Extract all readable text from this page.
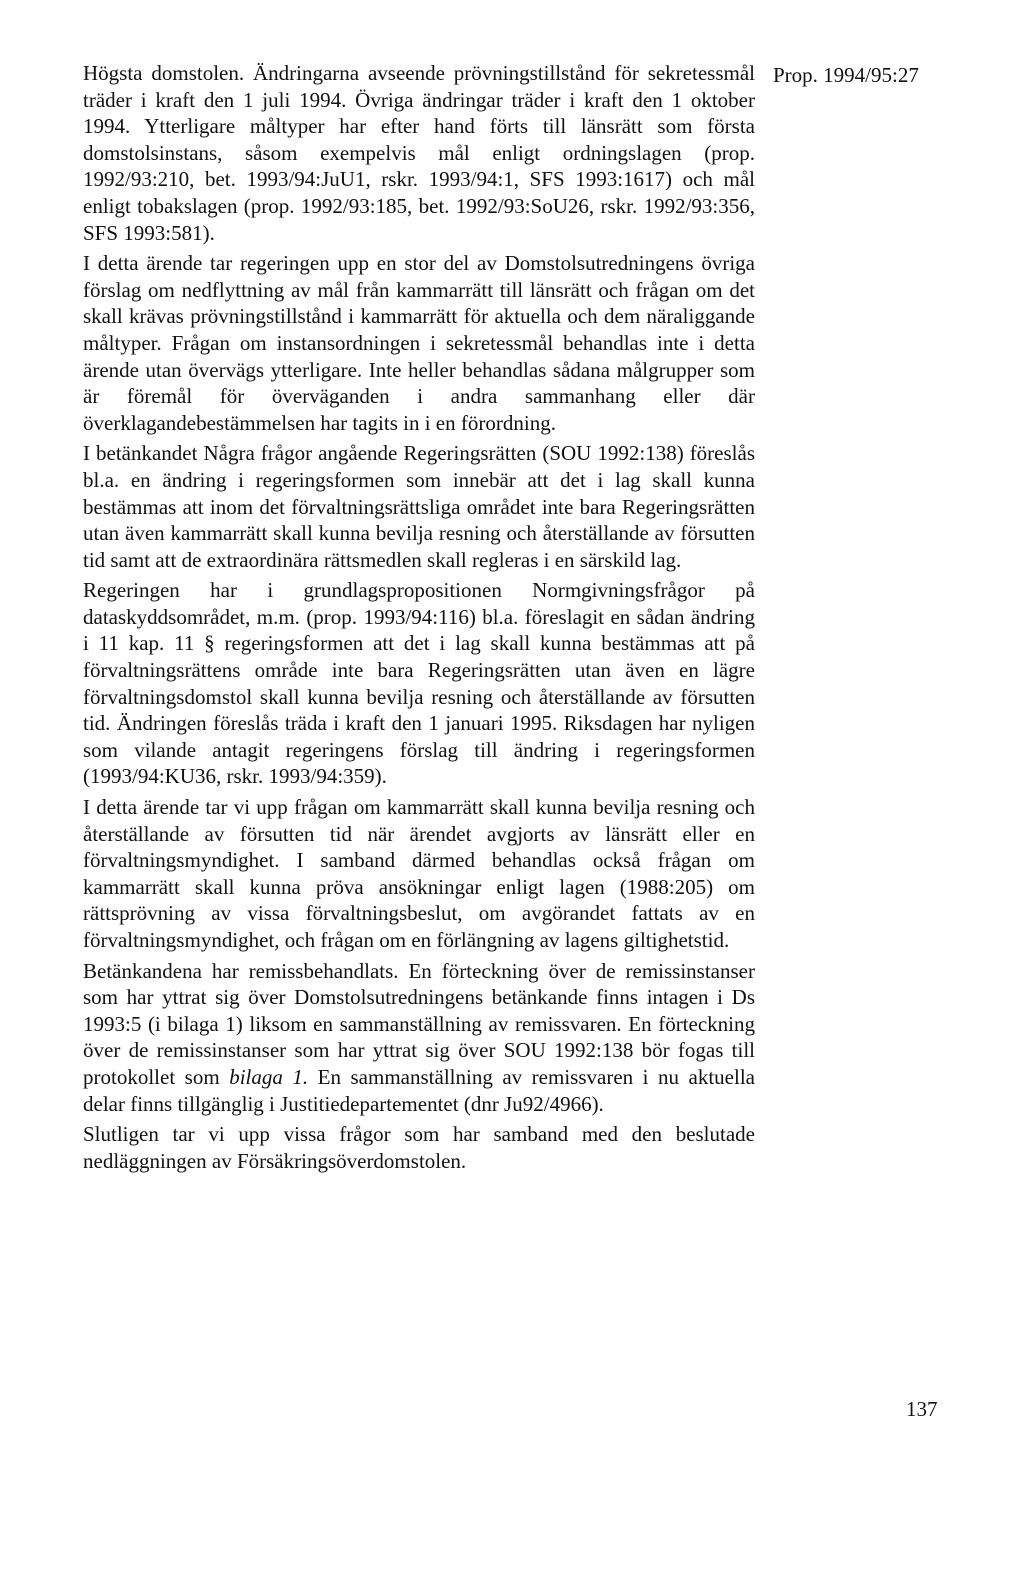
Prop. 1994/95:27

Högsta domstolen. Ändringarna avseende prövningstillstånd för sekretessmål träder i kraft den 1 juli 1994. Övriga ändringar träder i kraft den 1 oktober 1994. Ytterligare måltyper har efter hand förts till länsrätt som första domstolsinstans, såsom exempelvis mål enligt ordningslagen (prop. 1992/93:210, bet. 1993/94:JuU1, rskr. 1993/94:1, SFS 1993:1617) och mål enligt tobakslagen (prop. 1992/93:185, bet. 1992/93:SoU26, rskr. 1992/93:356, SFS 1993:581).

I detta ärende tar regeringen upp en stor del av Domstolsutredningens övriga förslag om nedflyttning av mål från kammarrätt till länsrätt och frågan om det skall krävas prövningstillstånd i kammarrätt för aktuella och dem näraliggande måltyper. Frågan om instansordningen i sekretessmål behandlas inte i detta ärende utan övervägs ytterligare. Inte heller behandlas sådana målgrupper som är föremål för överväganden i andra sammanhang eller där överklagandebestämmelsen har tagits in i en förordning.

I betänkandet Några frågor angående Regeringsrätten (SOU 1992:138) föreslås bl.a. en ändring i regeringsformen som innebär att det i lag skall kunna bestämmas att inom det förvaltningsrättsliga området inte bara Regeringsrätten utan även kammarrätt skall kunna bevilja resning och återställande av försutten tid samt att de extraordinära rättsmedlen skall regleras i en särskild lag.

Regeringen har i grundlagspropositionen Normgivningsfrågor på dataskyddsområdet, m.m. (prop. 1993/94:116) bl.a. föreslagit en sådan ändring i 11 kap. 11 § regeringsformen att det i lag skall kunna bestämmas att på förvaltningsrättens område inte bara Regeringsrätten utan även en lägre förvaltningsdomstol skall kunna bevilja resning och återställande av försutten tid. Ändringen föreslås träda i kraft den 1 januari 1995. Riksdagen har nyligen som vilande antagit regeringens förslag till ändring i regeringsformen (1993/94:KU36, rskr. 1993/94:359).

I detta ärende tar vi upp frågan om kammarrätt skall kunna bevilja resning och återställande av försutten tid när ärendet avgjorts av länsrätt eller en förvaltningsmyndighet. I samband därmed behandlas också frågan om kammarrätt skall kunna pröva ansökningar enligt lagen (1988:205) om rättsprövning av vissa förvaltningsbeslut, om avgörandet fattats av en förvaltningsmyndighet, och frågan om en förlängning av lagens giltighetstid.

Betänkandena har remissbehandlats. En förteckning över de remissinstanser som har yttrat sig över Domstolsutredningens betänkande finns intagen i Ds 1993:5 (i bilaga 1) liksom en sammanställning av remissvaren. En förteckning över de remissinstanser som har yttrat sig över SOU 1992:138 bör fogas till protokollet som bilaga 1. En sammanställning av remissvaren i nu aktuella delar finns tillgänglig i Justitiedepartementet (dnr Ju92/4966).

Slutligen tar vi upp vissa frågor som har samband med den beslutade nedläggningen av Försäkringsöverdomstolen.

137
